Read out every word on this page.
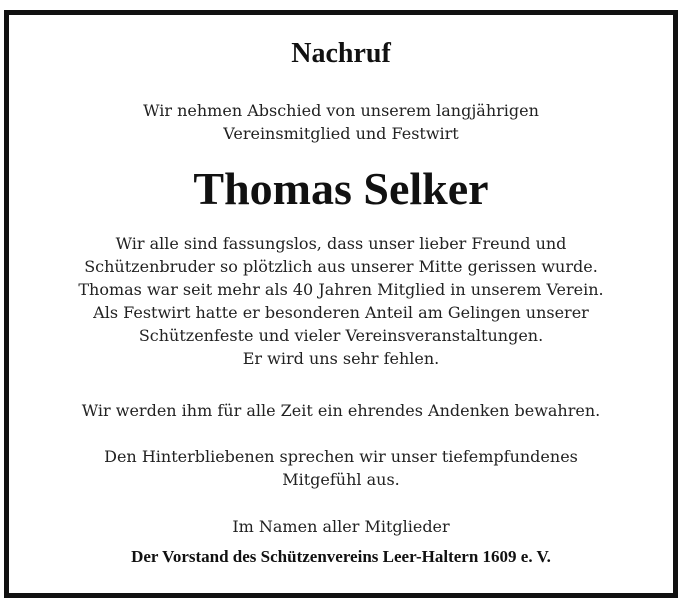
Nachruf
Wir nehmen Abschied von unserem langjährigen
Vereinsmitglied und Festwirt
Thomas Selker
Wir alle sind fassungslos, dass unser lieber Freund und
Schützenbruder so plötzlich aus unserer Mitte gerissen wurde.
Thomas war seit mehr als 40 Jahren Mitglied in unserem Verein.
Als Festwirt hatte er besonderen Anteil am Gelingen unserer
Schützenfeste und vieler Vereinsveranstaltungen.
Er wird uns sehr fehlen.
Wir werden ihm für alle Zeit ein ehrendes Andenken bewahren.
Den Hinterbliebenen sprechen wir unser tiefempfundenes
Mitgefühl aus.
Im Namen aller Mitglieder
Der Vorstand des Schützenvereins Leer-Haltern 1609 e. V.
